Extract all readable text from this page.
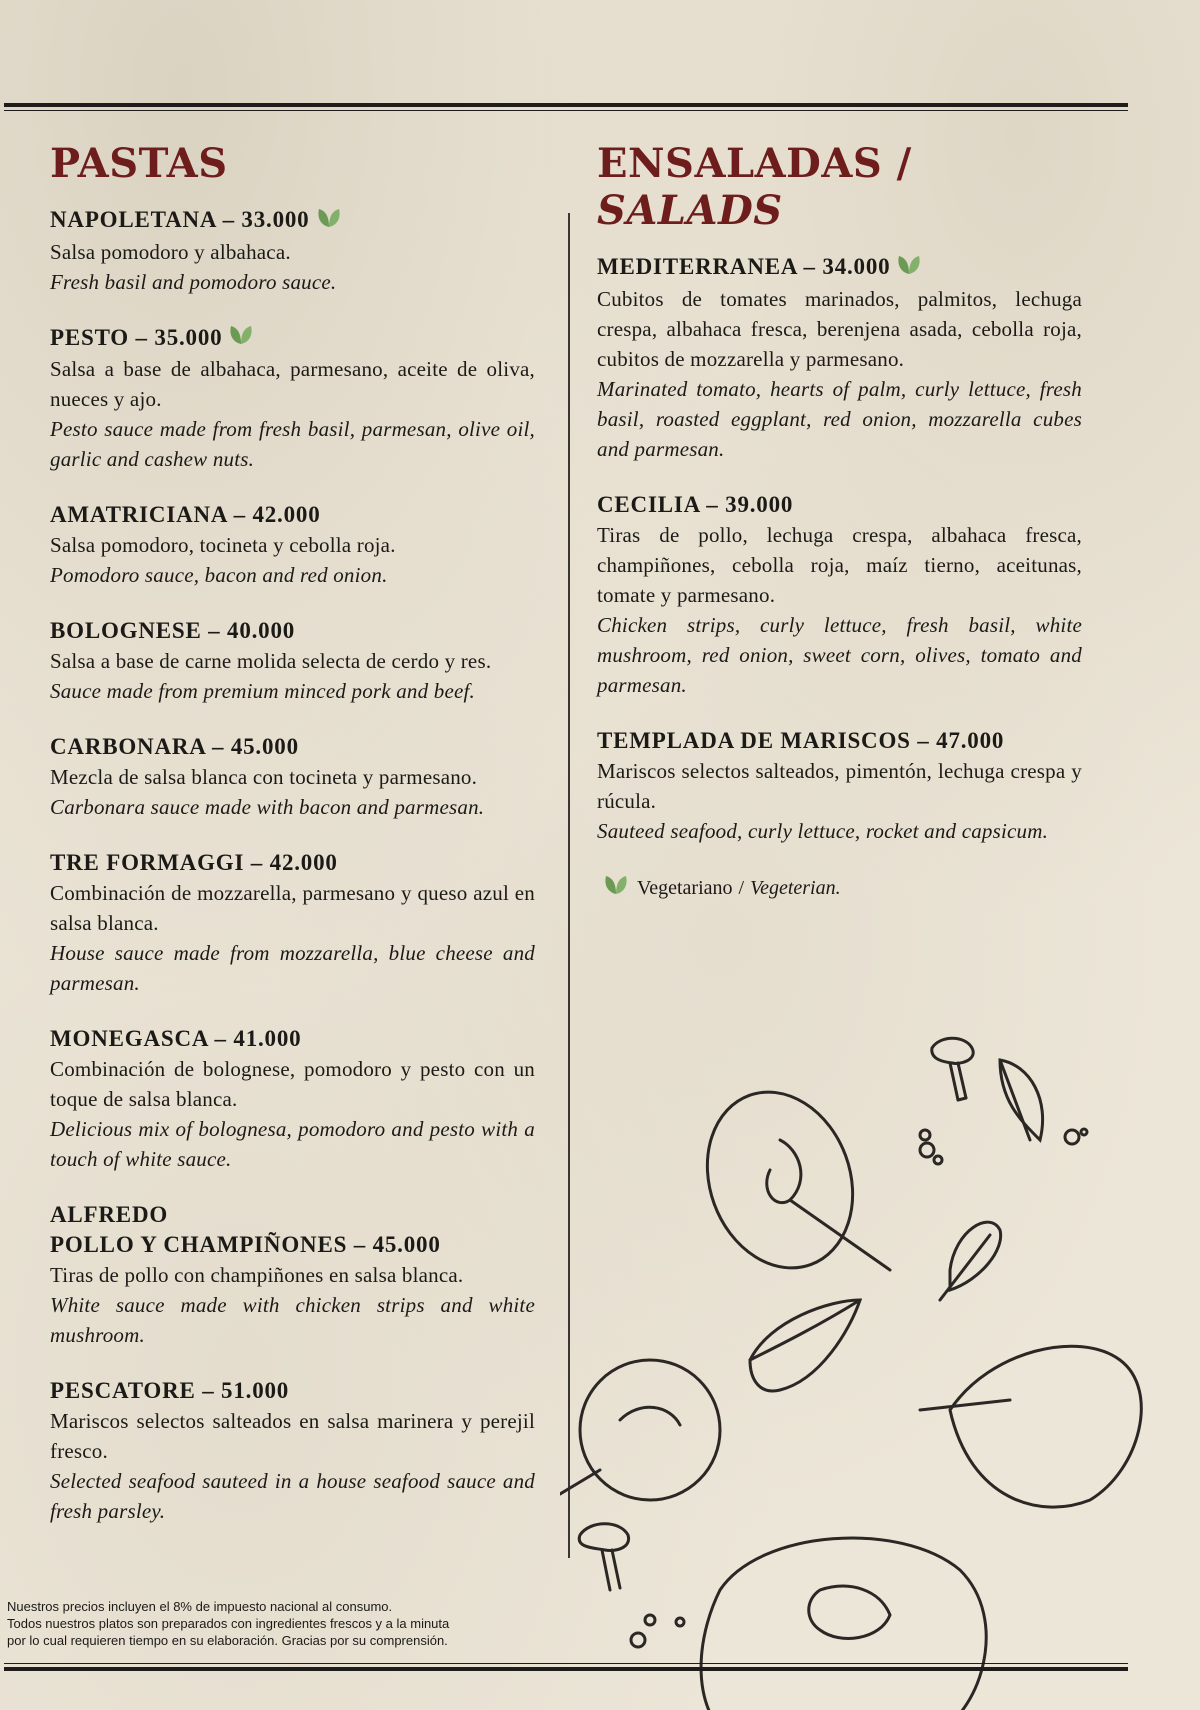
PASTAS
NAPOLETANA – 33.000
Salsa pomodoro y albahaca.
Fresh basil and pomodoro sauce.
PESTO – 35.000
Salsa a base de albahaca, parmesano, aceite de oliva, nueces y ajo.
Pesto sauce made from fresh basil, parmesan, olive oil, garlic and cashew nuts.
AMATRICIANA – 42.000
Salsa pomodoro, tocineta y cebolla roja.
Pomodoro sauce, bacon and red onion.
BOLOGNESE – 40.000
Salsa a base de carne molida selecta de cerdo y res.
Sauce made from premium minced pork and beef.
CARBONARA – 45.000
Mezcla de salsa blanca con tocineta y parmesano.
Carbonara sauce made with bacon and parmesan.
TRE FORMAGGI – 42.000
Combinación de mozzarella, parmesano y queso azul en salsa blanca.
House sauce made from mozzarella, blue cheese and parmesan.
MONEGASCA – 41.000
Combinación de bolognese, pomodoro y pesto con un toque de salsa blanca.
Delicious mix of bolognesa, pomodoro and pesto with a touch of white sauce.
ALFREDO
POLLO Y CHAMPIÑONES – 45.000
Tiras de pollo con champiñones en salsa blanca.
White sauce made with chicken strips and white mushroom.
PESCATORE – 51.000
Mariscos selectos salteados en salsa marinera y perejil fresco.
Selected seafood sauteed in a house seafood sauce and fresh parsley.
ENSALADAS / SALADS
MEDITERRANEA – 34.000
Cubitos de tomates marinados, palmitos, lechuga crespa, albahaca fresca, berenjena asada, cebolla roja, cubitos de mozzarella y parmesano.
Marinated tomato, hearts of palm, curly lettuce, fresh basil, roasted eggplant, red onion, mozzarella cubes and parmesan.
CECILIA – 39.000
Tiras de pollo, lechuga crespa, albahaca fresca, champiñones, cebolla roja, maíz tierno, aceitunas, tomate y parmesano.
Chicken strips, curly lettuce, fresh basil, white mushroom, red onion, sweet corn, olives, tomato and parmesan.
TEMPLADA DE MARISCOS – 47.000
Mariscos selectos salteados, pimentón, lechuga crespa y rúcula.
Sauteed seafood, curly lettuce, rocket and capsicum.
Vegetariano / Vegeterian.
Nuestros precios incluyen el 8% de impuesto nacional al consumo.
Todos nuestros platos son preparados con ingredientes frescos y a la minuta
por lo cual requieren tiempo en su elaboración. Gracias por su comprensión.
